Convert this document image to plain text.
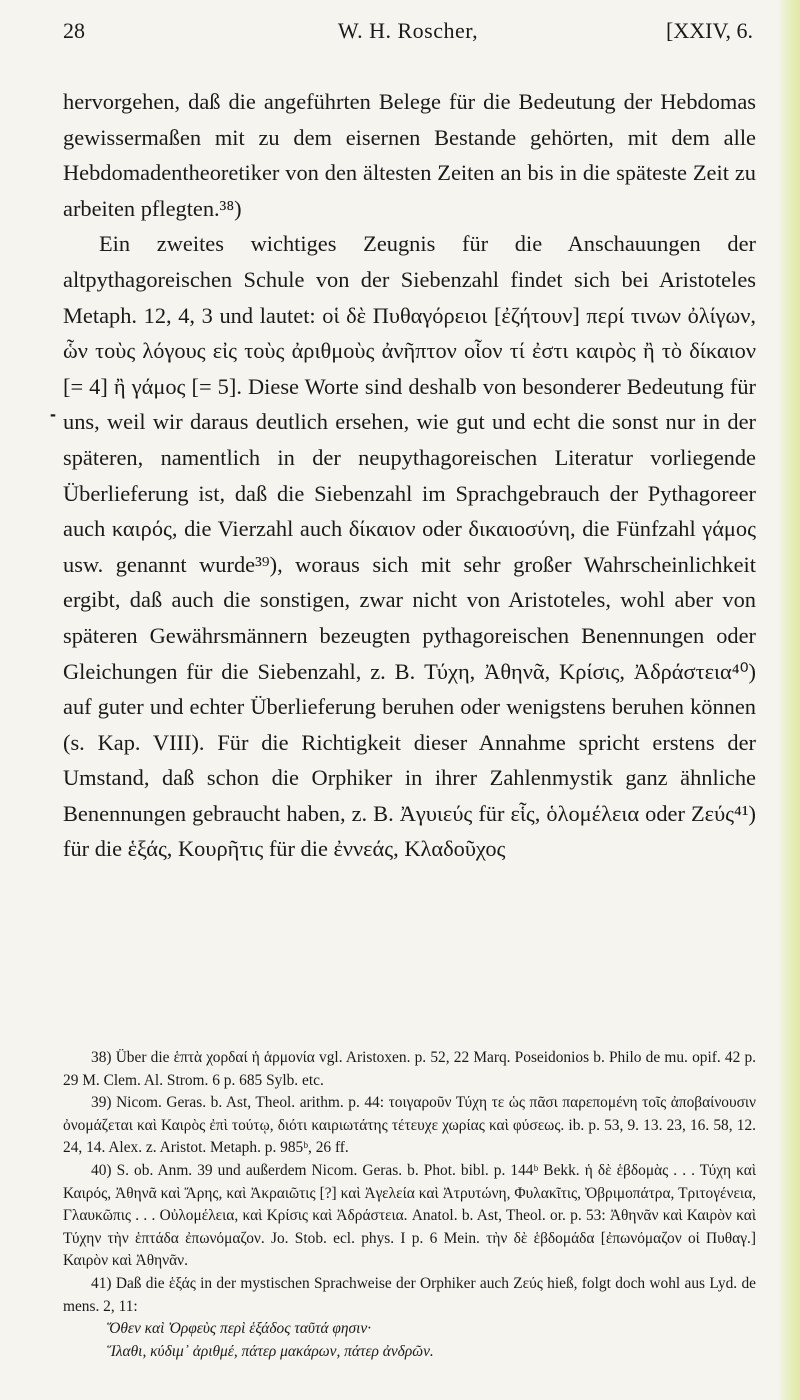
28	W. H. Roscher,	[XXIV, 6.
-

hervorgehen, daß die angeführten Belege für die Bedeutung der Hebdomas gewissermaßen mit zu dem eisernen Bestande gehörten, mit dem alle Hebdomadentheoretiker von den ältesten Zeiten an bis in die späteste Zeit zu arbeiten pflegten.³⁸)

Ein zweites wichtiges Zeugnis für die Anschauungen der altpythagoreischen Schule von der Siebenzahl findet sich bei Aristoteles Metaph. 12, 4, 3 und lautet: οἱ δὲ Πυθαγόρειοι [ἐζήτουν] περί τινων ὀλίγων, ὧν τοὺς λόγους εἰς τοὺς ἀριθμοὺς ἀνῆπτον οἷον τί ἐστι καιρὸς ἢ τὸ δίκαιον [= 4] ἢ γάμος [= 5]. Diese Worte sind deshalb von besonderer Bedeutung für uns, weil wir daraus deutlich ersehen, wie gut und echt die sonst nur in der späteren, namentlich in der neupythagoreischen Literatur vorliegende Überlieferung ist, daß die Siebenzahl im Sprachgebrauch der Pythagoreer auch καιρός, die Vierzahl auch δίκαιον oder δικαιοσύνη, die Fünfzahl γάμος usw. genannt wurde³⁹), woraus sich mit sehr großer Wahrscheinlichkeit ergibt, daß auch die sonstigen, zwar nicht von Aristoteles, wohl aber von späteren Gewährsmännern bezeugten pythagoreischen Benennungen oder Gleichungen für die Siebenzahl, z. B. Τύχη, Ἀθηνᾶ, Κρίσις, Ἀδράστεια⁴⁰) auf guter und echter Überlieferung beruhen oder wenigstens beruhen können (s. Kap. VIII). Für die Richtigkeit dieser Annahme spricht erstens der Umstand, daß schon die Orphiker in ihrer Zahlenmystik ganz ähnliche Benennungen gebraucht haben, z. B. Ἀγυιεύς für εἷς, ὁλομέλεια oder Ζεύς⁴¹) für die ἑξάς, Κουρῆτις für die ἐννεάς, Κλαδοῦχος

38) Über die ἑπτὰ χορδαί ἡ ἁρμονία vgl. Aristoxen. p. 52, 22 Marq. Poseidonios b. Philo de mu. opif. 42 p. 29 M. Clem. Al. Strom. 6 p. 685 Sylb. etc.

39) Nicom. Geras. b. Ast, Theol. arithm. p. 44: τοιγαροῦν Τύχη τε ὡς πᾶσι παρεπομένη τοῖς ἀποβαίνουσιν ὀνομάζεται καὶ Καιρὸς ἐπὶ τούτῳ, διότι καιριωτάτης τέτευχε χωρίας καὶ φύσεως. ib. p. 53, 9. 13. 23, 16. 58, 12. 24, 14. Alex. z. Aristot. Metaph. p. 985ᵇ, 26 ff.

40) S. ob. Anm. 39 und außerdem Nicom. Geras. b. Phot. bibl. p. 144ᵇ Bekk. ἡ δὲ ἑβδομὰς . . . Τύχη καὶ Καιρός, Ἀθηνᾶ καὶ Ἄρης, καὶ Ἀκραιῶτις [?] καὶ Ἀγελεία καὶ Ἀτρυτώνη, Φυλακῖτις, Ὀβριμοπάτρα, Τριτογένεια, Γλαυκῶπις . . . Οὐλομέλεια, καὶ Κρίσις καὶ Ἀδράστεια. Anatol. b. Ast, Theol. or. p. 53: Ἀθηνᾶν καὶ Καιρὸν καὶ Τύχην τὴν ἑπτάδα ἐπωνόμαζον. Jo. Stob. ecl. phys. I p. 6 Mein. τὴν δὲ ἑβδομάδα [ἐπωνόμαζον οἱ Πυθαγ.] Καιρὸν καὶ Ἀθηνᾶν.

41) Daß die ἑξάς in der mystischen Sprachweise der Orphiker auch Ζεύς hieß, folgt doch wohl aus Lyd. de mens. 2, 11:

Ὅθεν καὶ Ὀρφεὺς περὶ ἑξάδος ταῦτά φησιν·

Ἵλαθι, κύδιμ᾽ ἀριθμέ, πάτερ μακάρων, πάτερ ἀνδρῶν.
